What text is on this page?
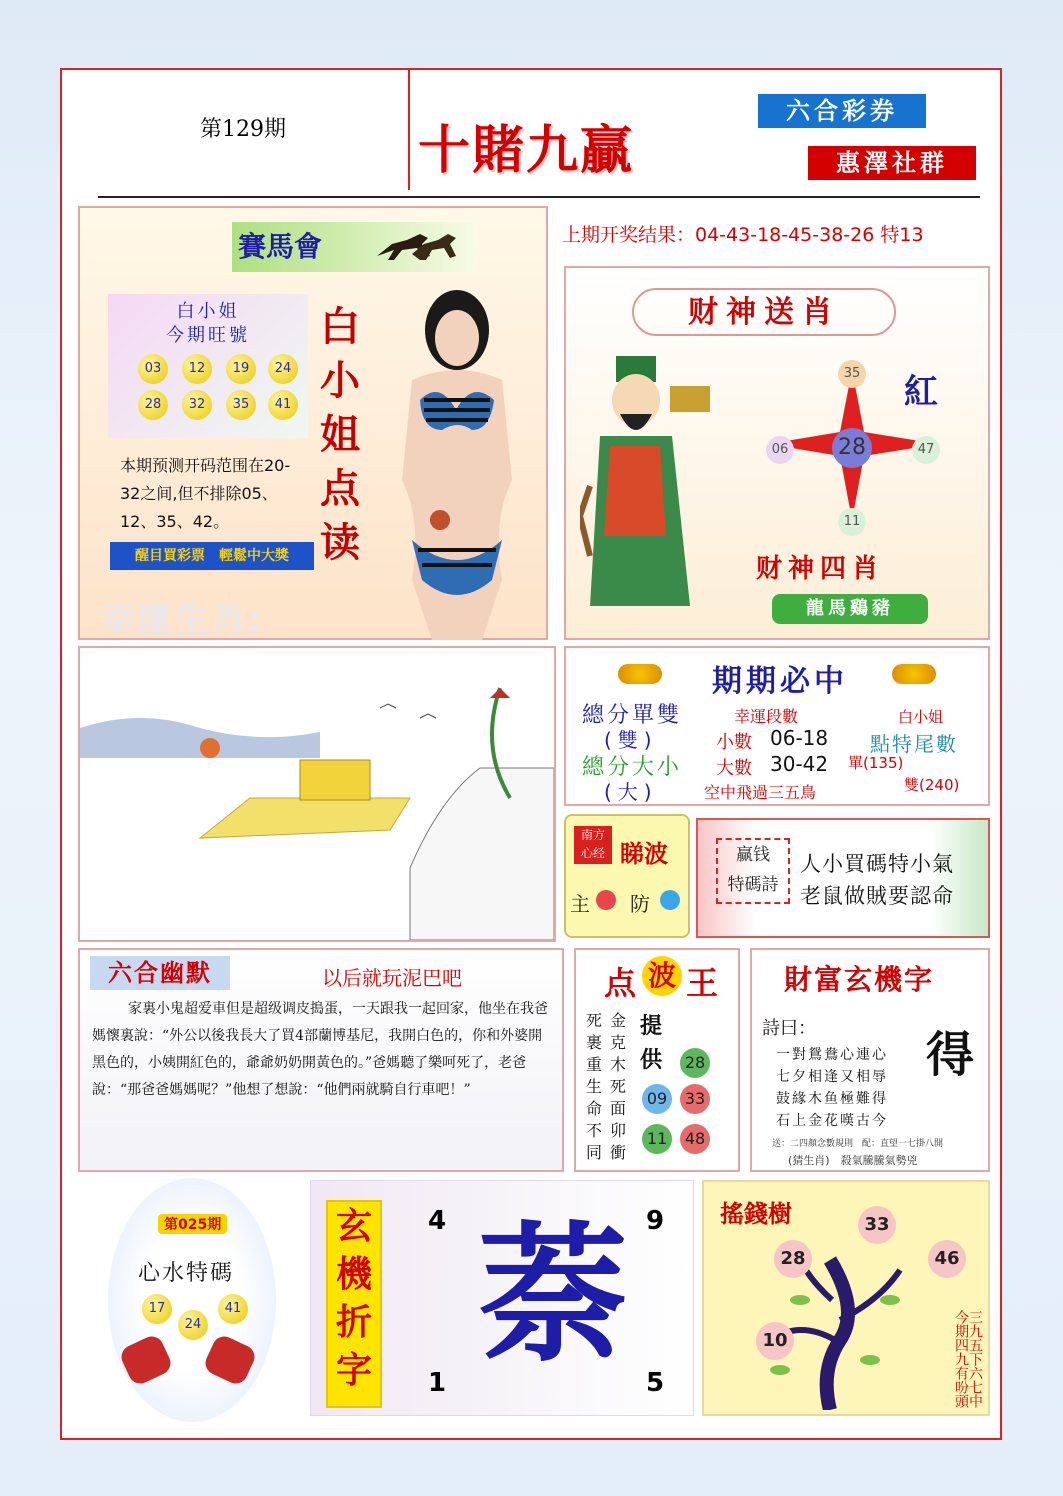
第129期	十賭九贏
六合彩券
惠澤社群
上期开奖结果：04-43-18-45-38-26 特13
賽馬會
白小姐
今期旺號
03	12	19	24
28	32	35	41
本期预测开码范围在20-32之间,但不排除05、12、35、42。
醒目買彩票　輕鬆中大獎
白小姐点读
幸運生肖:
财神送肖
35
06	47
11
28
紅
财神四肖
龍馬鷄豬
期期必中
總分單雙
(雙)
總分大小
(大)
幸運段數
小數 06-18
大數 30-42
空中飛過三五鳥
白小姐
點特尾數
單(135)
雙(240)
南方
心经 睇波
主 防
赢钱
特碼詩
人小買碼特小氣
老鼠做賊要認命
六合幽默	以后就玩泥巴吧
家裏小鬼超爱車但是超级调皮搗蛋，一天跟我一起回家，他坐在我爸媽懷裏說：“外公以後我長大了買4部蘭博基尼，我開白色的，你和外婆開黑色的，小姨開紅色的，爺爺奶奶開黃色的。”爸媽聽了樂呵死了，老爸說：“那爸爸媽媽呢？”他想了想說：“他們兩就騎自行車吧！”
点 波 王
死裹重生命不同
金克木死面卯衝
提供	28
09	33
11	48
財富玄機字
詩曰： 得
一對鴛鴦心連心
七夕相逢又相辱
鼓緣木鱼極難得
石上金花嘆古今
送：二四顏念數規則　配：直望一七掛八開
(猜生肖)　殺氣騰騰氣勢兇
第025期
心水特碼
17
24
41
玄機折字
4	9
1	5
萘	搖錢樹	33
28	46
10	三九五下六七中今期四九有吩頭
